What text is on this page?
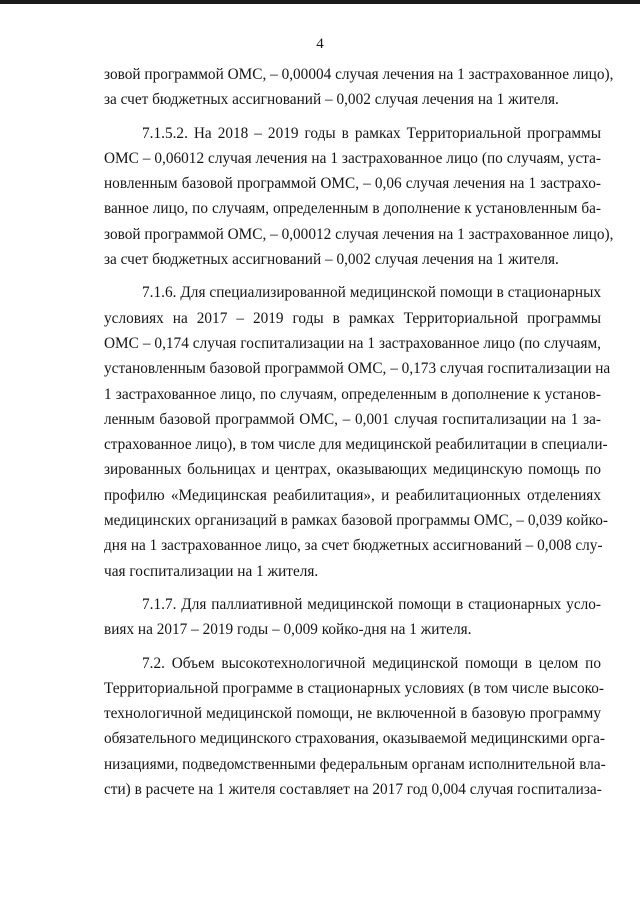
4
зовой программой ОМС, – 0,00004 случая лечения на 1 застрахованное лицо),
за счет бюджетных ассигнований – 0,002 случая лечения на 1 жителя.
7.1.5.2. На 2018 – 2019 годы в рамках Территориальной программы
ОМС – 0,06012 случая лечения на 1 застрахованное лицо (по случаям, уста-
новленным базовой программой ОМС, – 0,06 случая лечения на 1 застрахо-
ванное лицо, по случаям, определенным в дополнение к установленным ба-
зовой программой ОМС, – 0,00012 случая лечения на 1 застрахованное лицо),
за счет бюджетных ассигнований – 0,002 случая лечения на 1 жителя.
7.1.6. Для специализированной медицинской помощи в стационарных
условиях на 2017 – 2019 годы в рамках Территориальной программы
ОМС – 0,174 случая госпитализации на 1 застрахованное лицо (по случаям,
установленным базовой программой ОМС, – 0,173 случая госпитализации на
1 застрахованное лицо, по случаям, определенным в дополнение к установ-
ленным базовой программой ОМС, – 0,001 случая госпитализации на 1 за-
страхованное лицо), в том числе для медицинской реабилитации в специали-
зированных больницах и центрах, оказывающих медицинскую помощь по
профилю «Медицинская реабилитация», и реабилитационных отделениях
медицинских организаций в рамках базовой программы ОМС, – 0,039 койко-
дня на 1 застрахованное лицо, за счет бюджетных ассигнований – 0,008 слу-
чая госпитализации на 1 жителя.
7.1.7. Для паллиативной медицинской помощи в стационарных усло-
виях на 2017 – 2019 годы – 0,009 койко-дня на 1 жителя.
7.2. Объем высокотехнологичной медицинской помощи в целом по
Территориальной программе в стационарных условиях (в том числе высоко-
технологичной медицинской помощи, не включенной в базовую программу
обязательного медицинского страхования, оказываемой медицинскими орга-
низациями, подведомственными федеральным органам исполнительной вла-
сти) в расчете на 1 жителя составляет на 2017 год 0,004 случая госпитализа-
